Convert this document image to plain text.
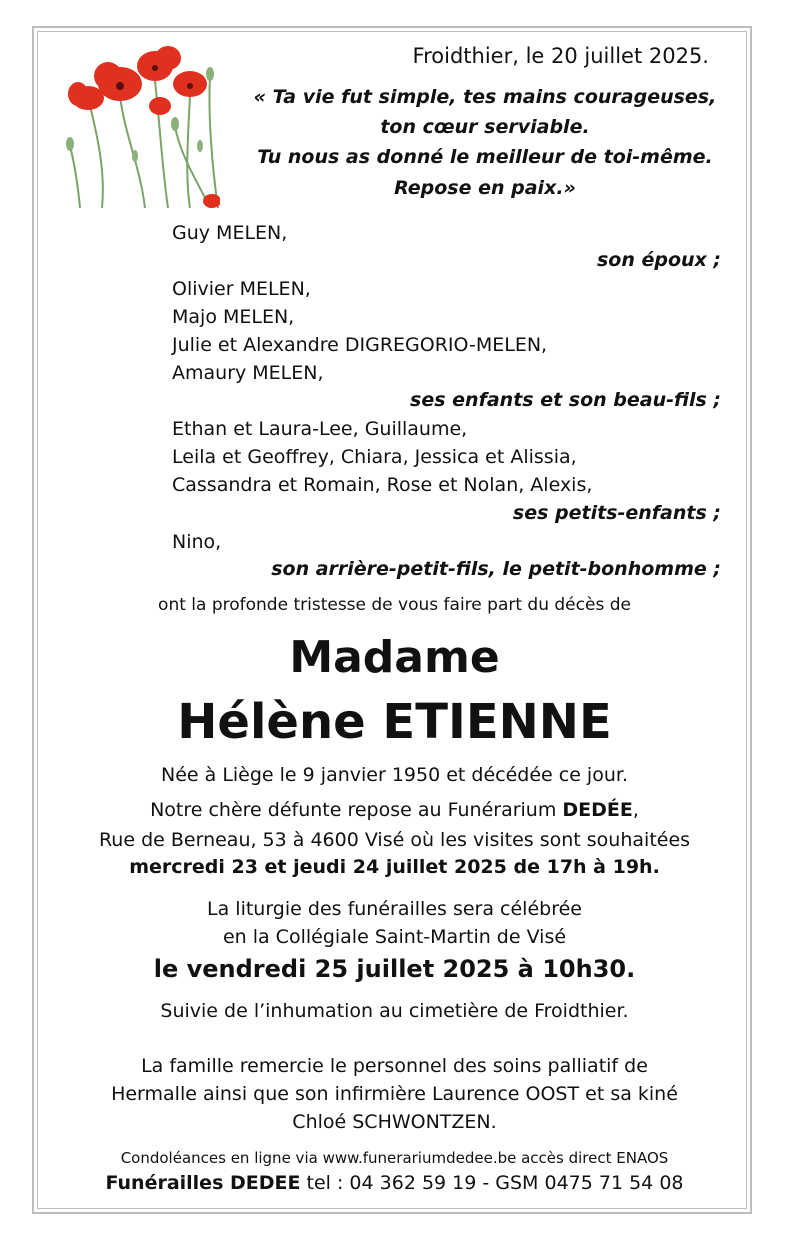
Froidthier, le 20 juillet 2025.
« Ta vie fut simple, tes mains courageuses,
ton cœur serviable.
Tu nous as donné le meilleur de toi-même.
Repose en paix.»
Guy MELEN,
son époux ;
Olivier MELEN,
Majo MELEN,
Julie et Alexandre DIGREGORIO-MELEN,
Amaury MELEN,
ses enfants et son beau-fils ;
Ethan et Laura-Lee, Guillaume,
Leila et Geoffrey, Chiara, Jessica et Alissia,
Cassandra et Romain, Rose et Nolan, Alexis,
ses petits-enfants ;
Nino,
son arrière-petit-fils, le petit-bonhomme ;
ont la profonde tristesse de vous faire part du décès de
Madame
Hélène ETIENNE
Née à Liège le 9 janvier 1950 et décédée ce jour.
Notre chère défunte repose au Funérarium DEDÉE,
Rue de Berneau, 53 à 4600 Visé où les visites sont souhaitées
mercredi 23 et jeudi 24 juillet 2025 de 17h à 19h.
La liturgie des funérailles sera célébrée
en la Collégiale Saint-Martin de Visé
le vendredi 25 juillet 2025 à 10h30.
Suivie de l’inhumation au cimetière de Froidthier.
La famille remercie le personnel des soins palliatif de
Hermalle ainsi que son infirmière Laurence OOST et sa kiné
Chloé SCHWONTZEN.
Condoléances en ligne via www.funerariumdedee.be accès direct ENAOS
Funérailles DEDEE tel : 04 362 59 19 - GSM 0475 71 54 08
